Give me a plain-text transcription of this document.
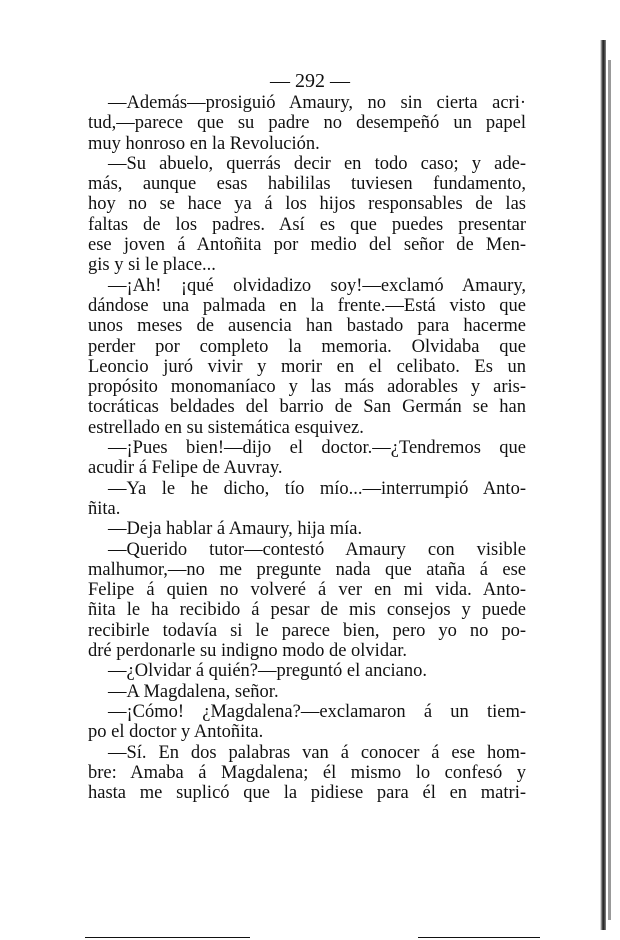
— 292 —
—Además—prosiguió Amaury, no sin cierta acri·
tud,—parece que su padre no desempeñó un papel
muy honroso en la Revolución.
—Su abuelo, querrás decir en todo caso; y ade-
más, aunque esas habililas tuviesen fundamento,
hoy no se hace ya á los hijos responsables de las
faltas de los padres. Así es que puedes presentar
ese joven á Antoñita por medio del señor de Men-
gis y si le place...
—¡Ah! ¡qué olvidadizo soy!—exclamó Amaury,
dándose una palmada en la frente.—Está visto que
unos meses de ausencia han bastado para hacerme
perder por completo la memoria. Olvidaba que
Leoncio juró vivir y morir en el celibato. Es un
propósito monomaníaco y las más adorables y aris-
tocráticas beldades del barrio de San Germán se han
estrellado en su sistemática esquivez.
—¡Pues bien!—dijo el doctor.—¿Tendremos que
acudir á Felipe de Auvray.
—Ya le he dicho, tío mío...—interrumpió Anto-
ñita.
—Deja hablar á Amaury, hija mía.
—Querido tutor—contestó Amaury con visible
malhumor,—no me pregunte nada que ataña á ese
Felipe á quien no volveré á ver en mi vida. Anto-
ñita le ha recibido á pesar de mis consejos y puede
recibirle todavía si le parece bien, pero yo no po-
dré perdonarle su indigno modo de olvidar.
—¿Olvidar á quién?—preguntó el anciano.
—A Magdalena, señor.
—¡Cómo! ¿Magdalena?—exclamaron á un tiem-
po el doctor y Antoñita.
—Sí. En dos palabras van á conocer á ese hom-
bre: Amaba á Magdalena; él mismo lo confesó y
hasta me suplicó que la pidiese para él en matri-
